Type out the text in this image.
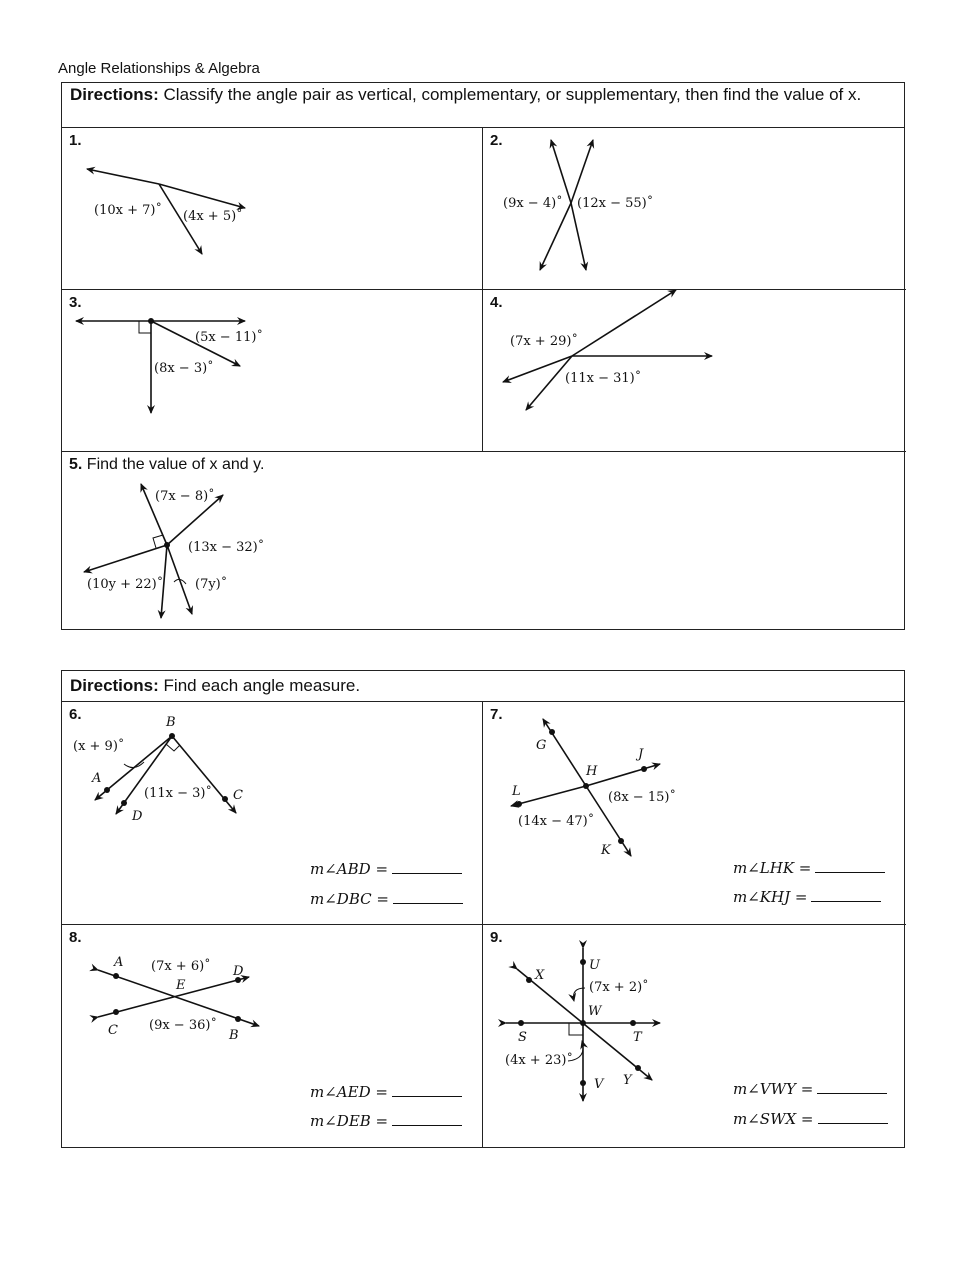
Angle Relationships & Algebra
Directions: Classify the angle pair as vertical, complementary, or supplementary, then find the value of x.
1.
(10x + 7)˚ (4x + 5)˚
2.
(9x − 4)˚ (12x − 55)˚
3.
(5x − 11)˚
(8x − 3)˚
4.
(7x + 29)˚
(11x − 31)˚
5. Find the value of x and y.
(7x − 8)˚
(13x − 32)˚
(10y + 22)˚ (7y)˚
Directions: Find each angle measure.
6.	B
A
D
C
(x + 9)˚
(11x − 3)˚
m∠ABD =
m∠DBC =
7.
G
J
H
L
K
(8x − 15)˚
(14x − 47)˚
m∠LHK =
m∠KHJ =
8.
A
D
E
C	B
(7x + 6)˚
(9x − 36)˚
m∠AED =
m∠DEB =
9.
U
X
W
S	T
V Y
(7x + 2)˚
(4x + 23)˚
m∠VWY =
m∠SWX =
